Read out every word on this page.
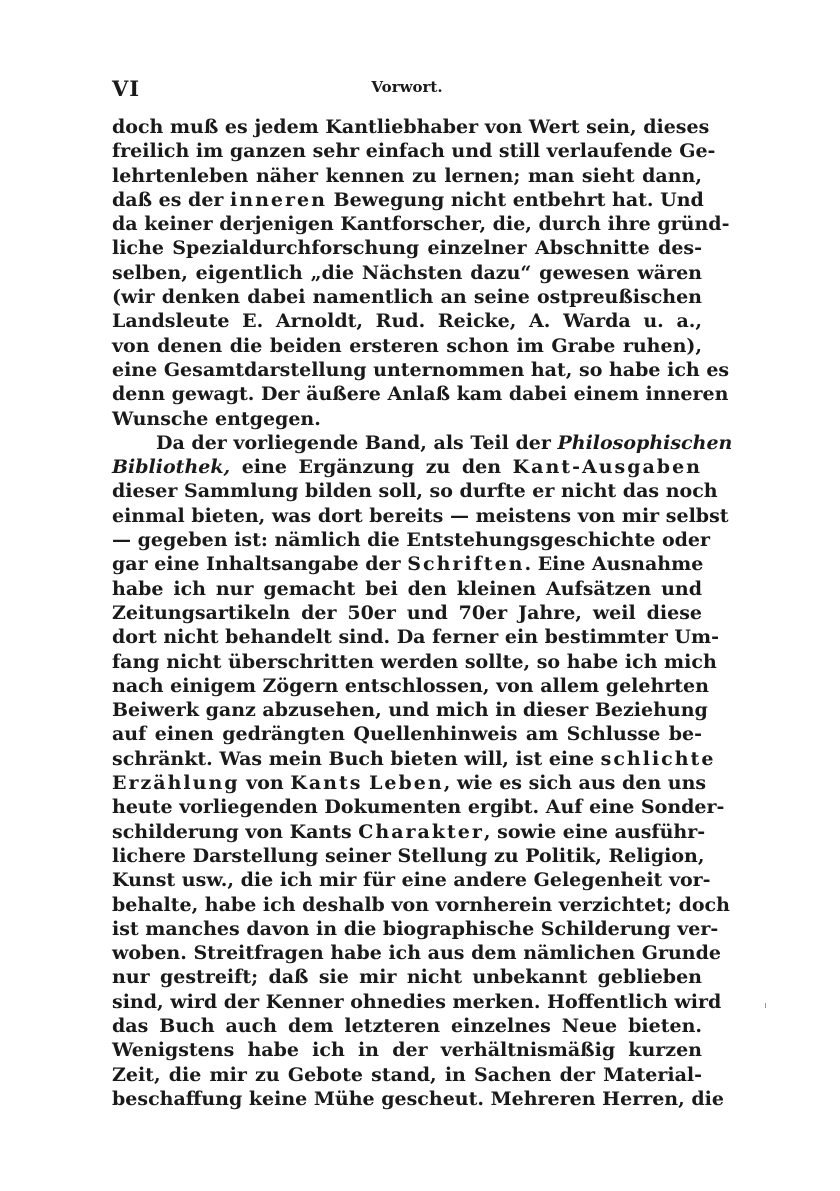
VI	Vorwort.
doch muß es jedem Kantliebhaber von Wert sein, dieses
freilich im ganzen sehr einfach und still verlaufende Ge-
lehrtenleben näher kennen zu lernen; man sieht dann,
daß es der inneren Bewegung nicht entbehrt hat. Und
da keiner derjenigen Kantforscher, die, durch ihre gründ-
liche Spezialdurchforschung einzelner Abschnitte des-
selben, eigentlich „die Nächsten dazu“ gewesen wären
(wir denken dabei namentlich an seine ostpreußischen
Landsleute E. Arnoldt, Rud. Reicke, A. Warda u. a.,
von denen die beiden ersteren schon im Grabe ruhen),
eine Gesamtdarstellung unternommen hat, so habe ich es
denn gewagt. Der äußere Anlaß kam dabei einem inneren
Wunsche entgegen.
Da der vorliegende Band, als Teil der Philosophischen
Bibliothek, eine Ergänzung zu den Kant-Ausgaben
dieser Sammlung bilden soll, so durfte er nicht das noch
einmal bieten, was dort bereits — meistens von mir selbst
— gegeben ist: nämlich die Entstehungsgeschichte oder
gar eine Inhaltsangabe der Schriften. Eine Ausnahme
habe ich nur gemacht bei den kleinen Aufsätzen und
Zeitungsartikeln der 50er und 70er Jahre, weil diese
dort nicht behandelt sind. Da ferner ein bestimmter Um-
fang nicht überschritten werden sollte, so habe ich mich
nach einigem Zögern entschlossen, von allem gelehrten
Beiwerk ganz abzusehen, und mich in dieser Beziehung
auf einen gedrängten Quellenhinweis am Schlusse be-
schränkt. Was mein Buch bieten will, ist eine schlichte
Erzählung von Kants Leben, wie es sich aus den uns
heute vorliegenden Dokumenten ergibt. Auf eine Sonder-
schilderung von Kants Charakter, sowie eine ausführ-
lichere Darstellung seiner Stellung zu Politik, Religion,
Kunst usw., die ich mir für eine andere Gelegenheit vor-
behalte, habe ich deshalb von vornherein verzichtet; doch
ist manches davon in die biographische Schilderung ver-
woben. Streitfragen habe ich aus dem nämlichen Grunde
nur gestreift; daß sie mir nicht unbekannt geblieben
sind, wird der Kenner ohnedies merken. Hoffentlich wird
das Buch auch dem letzteren einzelnes Neue bieten.
Wenigstens habe ich in der verhältnismäßig kurzen
Zeit, die mir zu Gebote stand, in Sachen der Material-
beschaffung keine Mühe gescheut. Mehreren Herren, die
